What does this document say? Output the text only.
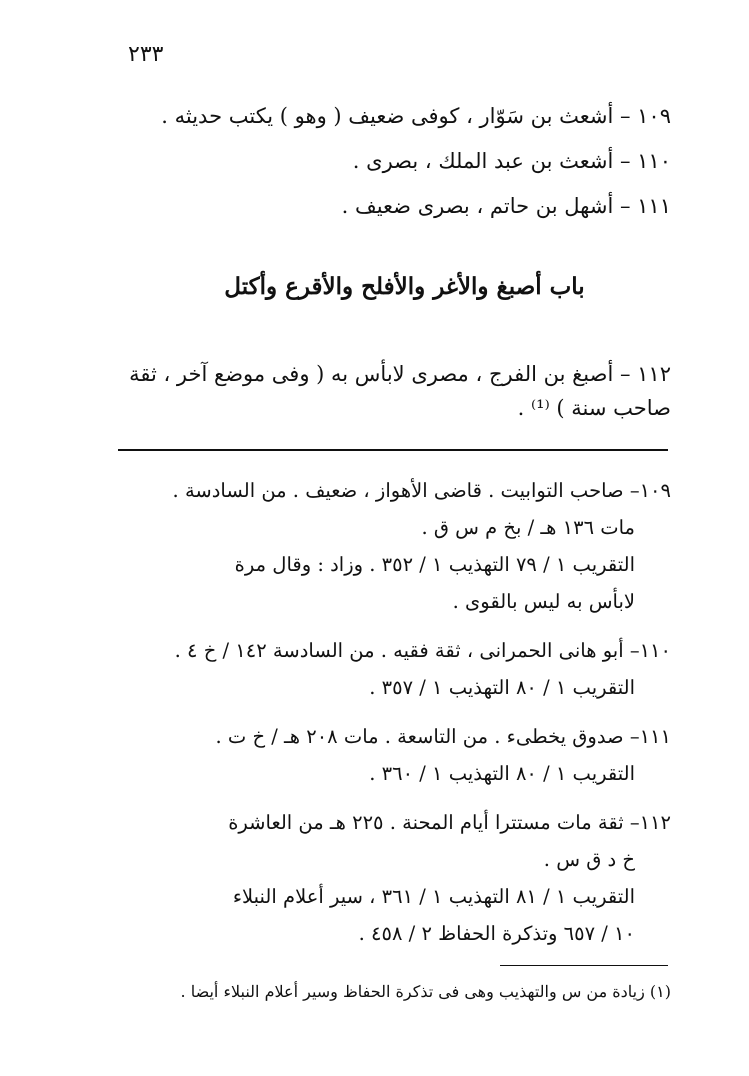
٢٣٣
١٠٩ – أشعث بن سَوّار ، كوفى ضعيف ( وهو ) يكتب حديثه .
١١٠ – أشعث بن عبد الملك ، بصرى .
١١١ – أشهل بن حاتم ، بصرى ضعيف .
باب أصبغ والأغر والأفلح والأقرع وأكتل
١١٢ – أصبغ بن الفرج ، مصرى لابأس به ( وفى موضع آخر ، ثقة
صاحب سنة ) ⁽¹⁾ .
١٠٩– صاحب التوابيت . قاضى الأهواز ، ضعيف . من السادسة .
مات ١٣٦ هـ / بخ م س ق .
التقريب ١ / ٧٩ التهذيب ١ / ٣٥٢ . وزاد : وقال مرة
لابأس به ليس بالقوى .
١١٠– أبو هانى الحمرانى ، ثقة فقيه . من السادسة ١٤٢ / خ ٤ .
التقريب ١ / ٨٠ التهذيب ١ / ٣٥٧ .
١١١– صدوق يخطىء . من التاسعة . مات ٢٠٨ هـ / خ ت .
التقريب ١ / ٨٠ التهذيب ١ / ٣٦٠ .
١١٢– ثقة مات مستترا أيام المحنة . ٢٢٥ هـ من العاشرة
خ د ق س .
التقريب ١ / ٨١ التهذيب ١ / ٣٦١ ، سير أعلام النبلاء
١٠ / ٦٥٧ وتذكرة الحفاظ ٢ / ٤٥٨ .
(١) زيادة من س والتهذيب وهى فى تذكرة الحفاظ وسير أعلام النبلاء أيضا .
